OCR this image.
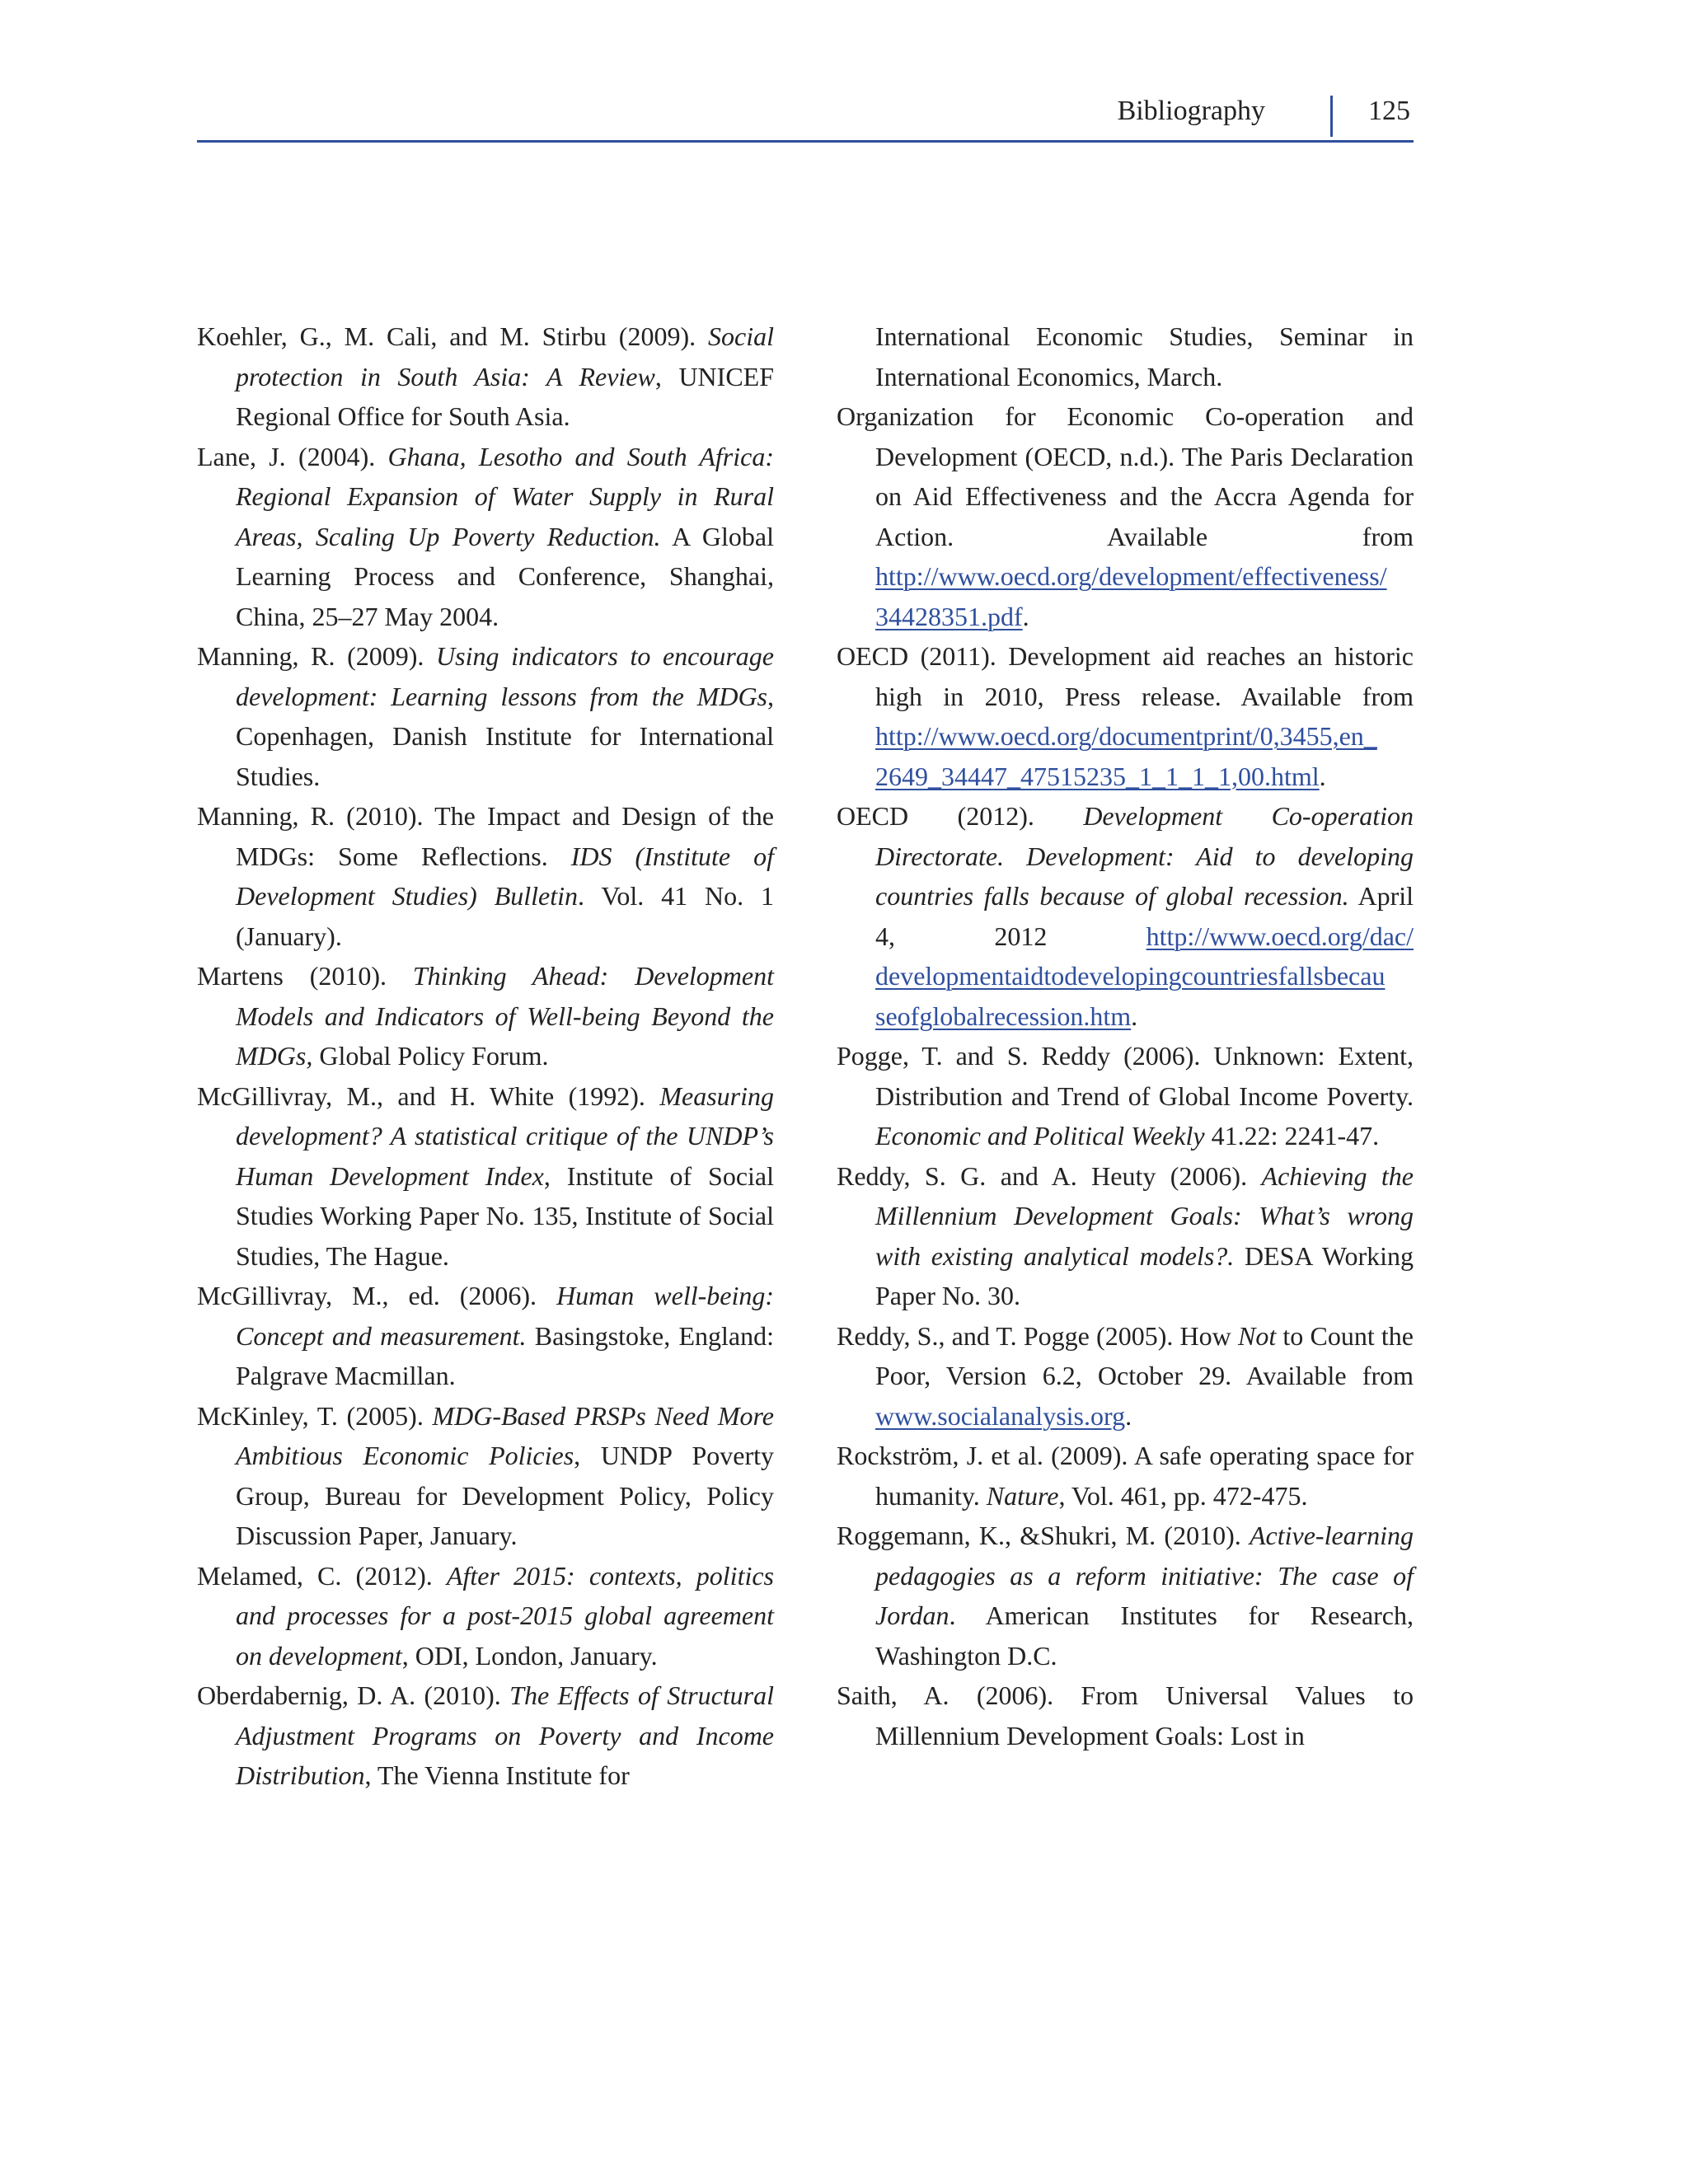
Bibliography	125

Koehler, G., M. Cali, and M. Stirbu (2009). Social protection in South Asia: A Review, UNICEF Regional Office for South Asia.

Lane, J. (2004). Ghana, Lesotho and South Africa: Regional Expansion of Water Supply in Rural Areas, Scaling Up Poverty Reduction. A Global Learning Process and Conference, Shanghai, China, 25–27 May 2004.

Manning, R. (2009). Using indicators to encourage development: Learning lessons from the MDGs, Copenhagen, Danish Institute for International Studies.

Manning, R. (2010). The Impact and Design of the MDGs: Some Reflections. IDS (Institute of Development Studies) Bulletin. Vol. 41 No. 1 (January).

Martens (2010). Thinking Ahead: Development Models and Indicators of Well-being Beyond the MDGs, Global Policy Forum.

McGillivray, M., and H. White (1992). Measuring development? A statistical critique of the UNDP’s Human Development Index, Institute of Social Studies Working Paper No. 135, Institute of Social Studies, The Hague.

McGillivray, M., ed. (2006). Human well-being: Concept and measurement. Basingstoke, England: Palgrave Macmillan.

McKinley, T. (2005). MDG-Based PRSPs Need More Ambitious Economic Policies, UNDP Poverty Group, Bureau for Development Policy, Policy Discussion Paper, January.

Melamed, C. (2012). After 2015: contexts, politics and processes for a post-2015 global agreement on development, ODI, London, January.

Oberdabernig, D. A. (2010). The Effects of Structural Adjustment Programs on Poverty and Income Distribution, The Vienna Institute for

International Economic Studies, Seminar in International Economics, March.

Organization for Economic Co-operation and Development (OECD, n.d.). The Paris Declaration on Aid Effectiveness and the Accra Agenda for Action. Available from http://www.oecd.org/development/effectiveness/ 34428351.pdf.

OECD (2011). Development aid reaches an historic high in 2010, Press release. Available from http://www.oecd.org/documentprint/0,3455,en_ 2649_34447_47515235_1_1_1_1,00.html.

OECD (2012). Development Co-operation Directorate. Development: Aid to developing countries falls because of global recession. April 4, 2012 http://www.oecd.org/dac/ developmentaidtodevelopingcountriesfallsbecau seofglobalrecession.htm.

Pogge, T. and S. Reddy (2006). Unknown: Extent, Distribution and Trend of Global Income Poverty. Economic and Political Weekly 41.22: 2241-47.

Reddy, S. G. and A. Heuty (2006). Achieving the Millennium Development Goals: What’s wrong with existing analytical models?. DESA Working Paper No. 30.

Reddy, S., and T. Pogge (2005). How Not to Count the Poor, Version 6.2, October 29. Available from www.socialanalysis.org.

Rockström, J. et al. (2009). A safe operating space for humanity. Nature, Vol. 461, pp. 472-475.

Roggemann, K., &Shukri, M. (2010). Active-learning pedagogies as a reform initiative: The case of Jordan. American Institutes for Research, Washington D.C.

Saith, A. (2006). From Universal Values to Millennium Development Goals: Lost in
